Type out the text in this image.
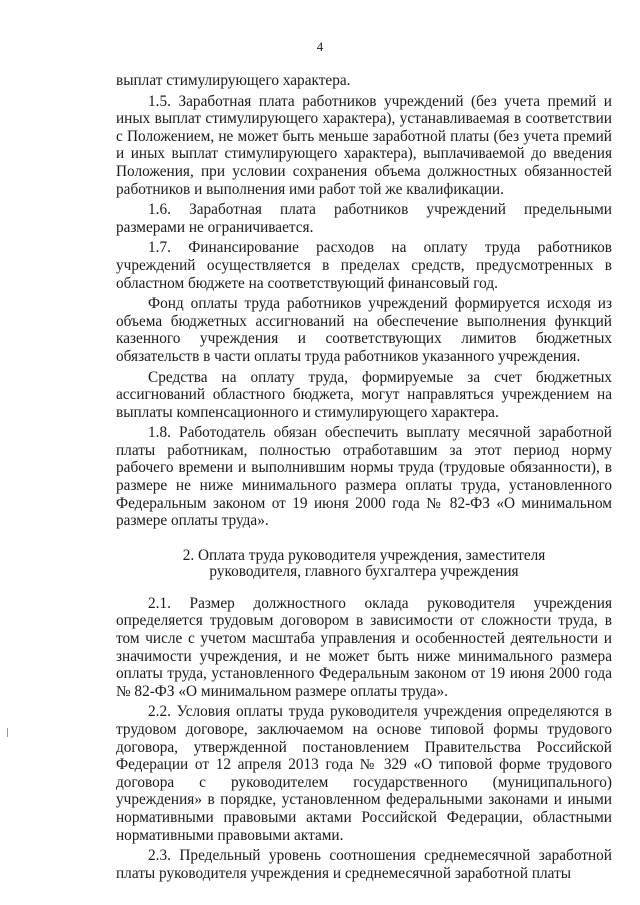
4

выплат стимулирующего характера.

1.5. Заработная плата работников учреждений (без учета премий и иных выплат стимулирующего характера), устанавливаемая в соответствии с Положением, не может быть меньше заработной платы (без учета премий и иных выплат стимулирующего характера), выплачиваемой до введения Положения, при условии сохранения объема должностных обязанностей работников и выполнения ими работ той же квалификации.

1.6. Заработная плата работников учреждений предельными размерами не ограничивается.

1.7. Финансирование расходов на оплату труда работников учреждений осуществляется в пределах средств, предусмотренных в областном бюджете на соответствующий финансовый год.

Фонд оплаты труда работников учреждений формируется исходя из объема бюджетных ассигнований на обеспечение выполнения функций казенного учреждения и соответствующих лимитов бюджетных обязательств в части оплаты труда работников указанного учреждения.

Средства на оплату труда, формируемые за счет бюджетных ассигнований областного бюджета, могут направляться учреждением на выплаты компенсационного и стимулирующего характера.

1.8. Работодатель обязан обеспечить выплату месячной заработной платы работникам, полностью отработавшим за этот период норму рабочего времени и выполнившим нормы труда (трудовые обязанности), в размере не ниже минимального размера оплаты труда, установленного Федеральным законом от 19 июня 2000 года № 82-ФЗ «О минимальном размере оплаты труда».

2. Оплата труда руководителя учреждения, заместителя
руководителя, главного бухгалтера учреждения

2.1. Размер должностного оклада руководителя учреждения определяется трудовым договором в зависимости от сложности труда, в том числе с учетом масштаба управления и особенностей деятельности и значимости учреждения, и не может быть ниже минимального размера оплаты труда, установленного Федеральным законом от 19 июня 2000 года № 82-ФЗ «О минимальном размере оплаты труда».

2.2. Условия оплаты труда руководителя учреждения определяются в трудовом договоре, заключаемом на основе типовой формы трудового договора, утвержденной постановлением Правительства Российской Федерации от 12 апреля 2013 года № 329 «О типовой форме трудового договора с руководителем государственного (муниципального) учреждения» в порядке, установленном федеральными законами и иными нормативными правовыми актами Российской Федерации, областными нормативными правовыми актами.

2.3. Предельный уровень соотношения среднемесячной заработной платы руководителя учреждения и среднемесячной заработной платы
